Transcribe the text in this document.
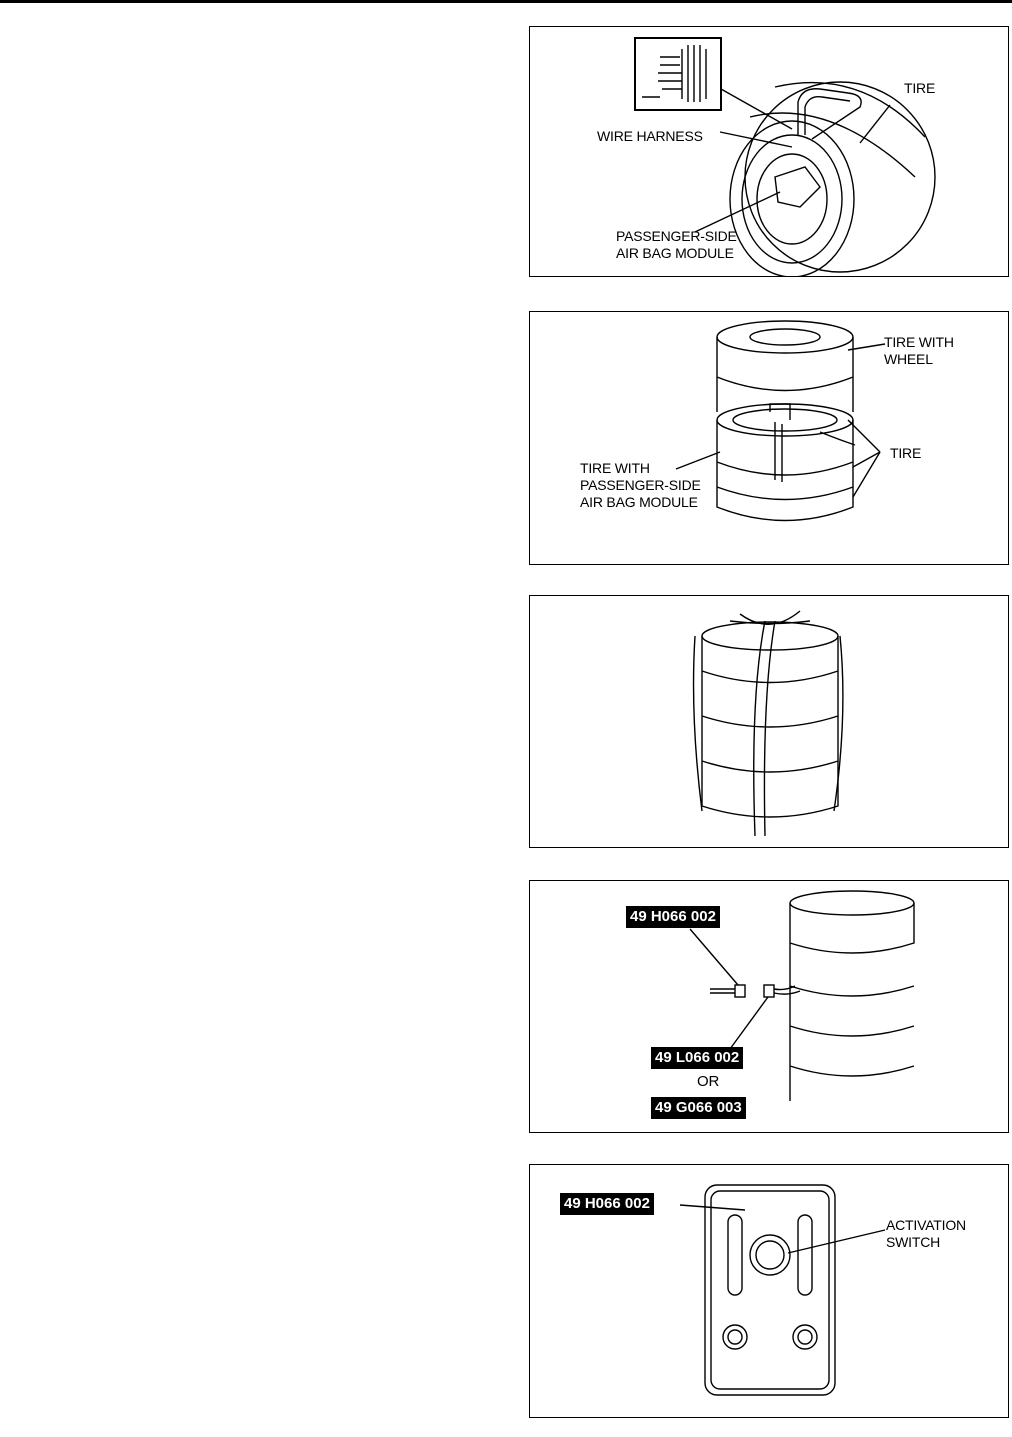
WIRE HARNESS
TIRE
PASSENGER-SIDE
AIR BAG MODULE
TIRE WITH
WHEEL
TIRE
TIRE WITH
PASSENGER-SIDE
AIR BAG MODULE
49 H066 002
49 L066 002
OR
49 G066 003
49 H066 002
ACTIVATION
SWITCH
